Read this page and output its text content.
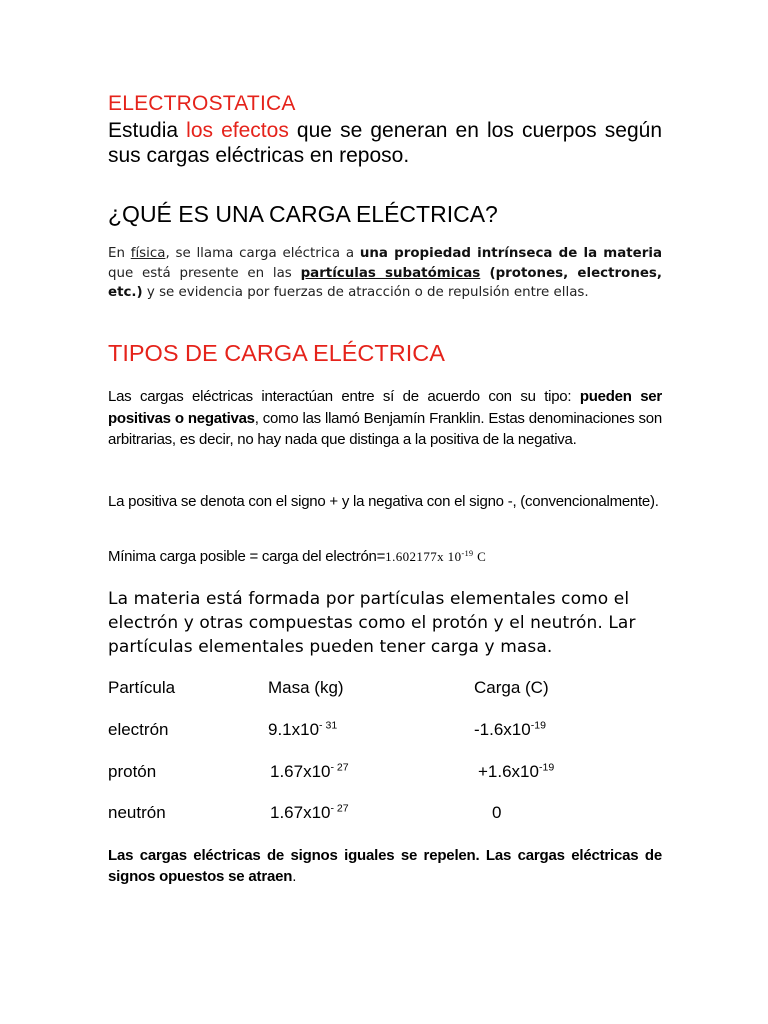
ELECTROSTATICA

Estudia los efectos que se generan en los cuerpos según sus cargas eléctricas en reposo.

¿QUÉ ES UNA CARGA ELÉCTRICA?

En física, se llama carga eléctrica a una propiedad intrínseca de la materia que está presente en las partículas subatómicas (protones, electrones, etc.) y se evidencia por fuerzas de atracción o de repulsión entre ellas.

TIPOS DE CARGA ELÉCTRICA

Las cargas eléctricas interactúan entre sí de acuerdo con su tipo: pueden ser positivas o negativas, como las llamó Benjamín Franklin. Estas denominaciones son arbitrarias, es decir, no hay nada que distinga a la positiva de la negativa.

La positiva se denota con el signo + y la negativa con el signo -, (convencionalmente).

Mínima carga posible = carga del electrón=1.602177x $10^{-19}$ C

La materia está formada por partículas elementales como el electrón y otras compuestas como el protón y el neutrón. Lar partículas elementales pueden tener carga y masa.

Partícula	Masa (kg)	Carga (C)
electrón	$9.1x10^{- 31}$	$-1.6x10^{-19}$
protón	$1.67x10^{- 27}$	$+1.6x10^{-19}$
neutrón	$1.67x10^{- 27}$	0

Las cargas eléctricas de signos iguales se repelen. Las cargas eléctricas de signos opuestos se atraen.
